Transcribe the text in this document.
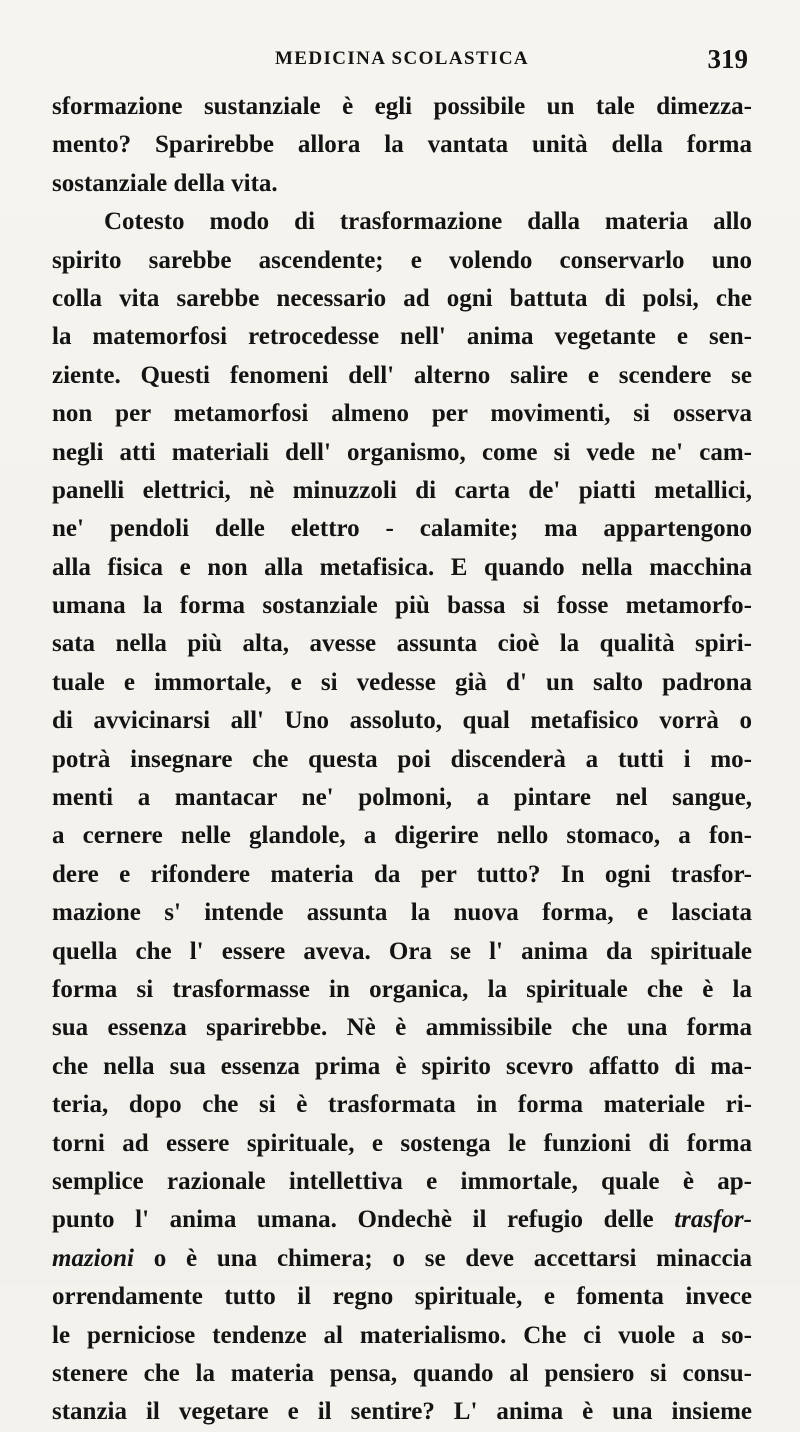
MEDICINA SCOLASTICA	319
sformazione sustanziale è egli possibile un tale dimezza-
mento? Sparirebbe allora la vantata unità della forma
sostanziale della vita.
Cotesto modo di trasformazione dalla materia allo
spirito sarebbe ascendente; e volendo conservarlo uno
colla vita sarebbe necessario ad ogni battuta di polsi, che
la matemorfosi retrocedesse nell' anima vegetante e sen-
ziente. Questi fenomeni dell' alterno salire e scendere se
non per metamorfosi almeno per movimenti, si osserva
negli atti materiali dell' organismo, come si vede ne' cam-
panelli elettrici, nè minuzzoli di carta de' piatti metallici,
ne' pendoli delle elettro - calamite; ma appartengono
alla fisica e non alla metafisica. E quando nella macchina
umana la forma sostanziale più bassa si fosse metamorfo-
sata nella più alta, avesse assunta cioè la qualità spiri-
tuale e immortale, e si vedesse già d' un salto padrona
di avvicinarsi all' Uno assoluto, qual metafisico vorrà o
potrà insegnare che questa poi discenderà a tutti i mo-
menti a mantacar ne' polmoni, a pintare nel sangue,
a cernere nelle glandole, a digerire nello stomaco, a fon-
dere e rifondere materia da per tutto? In ogni trasfor-
mazione s' intende assunta la nuova forma, e lasciata
quella che l' essere aveva. Ora se l' anima da spirituale
forma si trasformasse in organica, la spirituale che è la
sua essenza sparirebbe. Nè è ammissibile che una forma
che nella sua essenza prima è spirito scevro affatto di ma-
teria, dopo che si è trasformata in forma materiale ri-
torni ad essere spirituale, e sostenga le funzioni di forma
semplice razionale intellettiva e immortale, quale è ap-
punto l' anima umana. Ondechè il refugio delle trasfor-
mazioni o è una chimera; o se deve accettarsi minaccia
orrendamente tutto il regno spirituale, e fomenta invece
le perniciose tendenze al materialismo. Che ci vuole a so-
stenere che la materia pensa, quando al pensiero si consu-
stanzia il vegetare e il sentire? L' anima è una insieme
